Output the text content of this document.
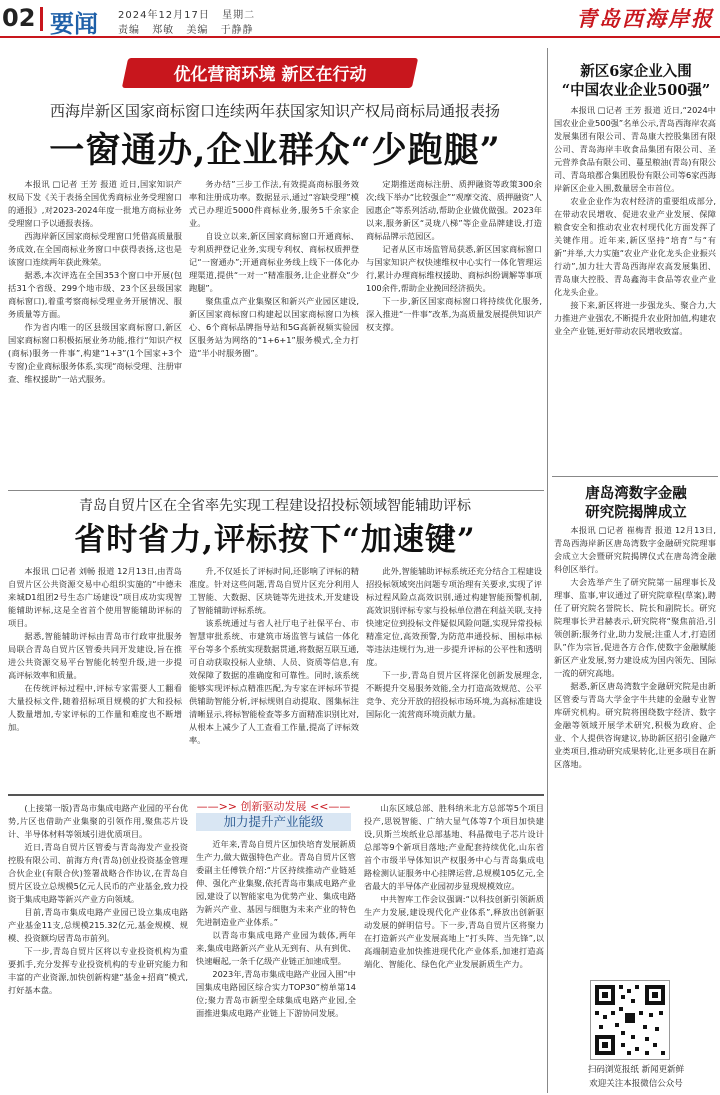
02 要闻 2024年12月17日 星期二
责编 郑敏 美编 于静静	青岛西海岸报
优化营商环境 新区在行动
西海岸新区国家商标窗口连续两年获国家知识产权局商标局通报表扬
一窗通办,企业群众“少跑腿”

本报讯 □记者 王芳 报道 近日,国家知识产权局下发《关于表扬全国优秀商标业务受理窗口的通报》,对2023-2024年度一批地方商标业务受理窗口予以通报表扬。

西海岸新区国家商标受理窗口凭借高质量服务成效,在全国商标业务窗口中获得表扬,这也是该窗口连续两年获此殊荣。

据悉,本次评选在全国353个窗口中开展(包括31个省级、299个地市级、23个区县级国家商标窗口),着重考察商标受理业务开展情况、服务质量等方面。

作为省内唯一的区县级国家商标窗口,新区国家商标窗口积极拓展业务功能,推行“知识产权(商标)服务一件事”,构建“1+3”(1个国家+3个专窗)企业商标服务体系,实现“商标受理、注册审查、维权援助”一站式服务。

务办结”三步工作法,有效提高商标服务效率和注册成功率。数据显示,通过“容缺受理”模式已办理近5000件商标业务,服务5千余家企业。

自设立以来,新区国家商标窗口开通商标、专利质押登记业务,实现专利权、商标权质押登记“一窗通办”;开通商标业务线上线下一体化办理渠道,提供“一对一”精准服务,让企业群众“少跑腿”。

聚焦重点产业集聚区和新兴产业园区建设,新区国家商标窗口构建起以国家商标窗口为核心、6个商标品牌指导站和5G高新视频实验园区服务站为网络的“1+6+1”服务模式,全力打造“半小时服务圈”。

定期推送商标注册、质押融资等政策300余次;线下举办“比较强企”“观摩交流、质押融资”人园惠企”等系列活动,帮助企业做优做强。2023年以来,服务新区“灵珑八梯”等企业品牌建设,打造商标品牌示范园区。

记者从区市场监管局获悉,新区国家商标窗口与国家知识产权快速维权中心实行一体化管理运行,累计办理商标维权援助、商标纠纷调解等事项100余件,帮助企业挽回经济损失。

下一步,新区国家商标窗口将持续优化服务,深入推进“一件事”改革,为高质量发展提供知识产权支撑。

青岛自贸片区在全省率先实现工程建设招投标领域智能辅助评标
省时省力,评标按下“加速键”

本报讯 □记者 刘畅 报道 12月13日,由青岛自贸片区公共资源交易中心组织实施的“中德未来城D1组团2号生态广场建设”项目成功实现智能辅助评标,这是全省首个使用智能辅助评标的项目。

据悉,智能辅助评标由青岛市行政审批服务局联合青岛自贸片区管委共同开发建设,旨在推进公共资源交易平台智能化转型升级,进一步提高评标效率和质量。

在传统评标过程中,评标专家需要人工翻看大量投标文件,随着招标项目规模的扩大和投标人数量增加,专家评标的工作量和难度也不断增加。

升,不仅延长了评标时间,还影响了评标的精准度。针对这些问题,青岛自贸片区充分利用人工智能、大数据、区块链等先进技术,开发建设了智能辅助评标系统。

该系统通过与省人社厅电子社保平台、市智慧审批系统、市建筑市场监管与诚信一体化平台等多个系统实现数据贯通,将数据互联互通,可自动获取投标人业绩、人员、资质等信息,有效保障了数据的准确度和可靠性。同时,该系统能够实现评标点精准匹配,为专家在评标环节提供辅助智能分析,评标规则自动提取、图集标注清晰显示,将标智能检查等多方面精准识别比对,从根本上减少了人工查看工作量,提高了评标效率。

此外,智能辅助评标系统还充分结合工程建设招投标领域突出问题专项治理有关要求,实现了评标过程风险点高效识别,通过构建智能预警机制,高效识别评标专家与投标单位潜在利益关联,支持快速定位到投标文件疑似风险问题,实现异常投标精准定位,高效预警,为防范串通投标、围标串标等违法违规行为,进一步提升评标的公平性和透明度。

下一步,青岛自贸片区将深化创新发展理念,不断提升交易服务效能,全力打造高效规范、公平竞争、充分开放的招投标市场环境,为高标准建设国际化一流营商环境贡献力量。

(上接第一版)青岛市集成电路产业园的平台优势,片区也借助产业集聚的引领作用,聚焦芯片设计、半导体材料等领域引进优质项目。

近日,青岛自贸片区管委与青岛海发产业投资控股有限公司、前海方舟(青岛)创业投资基金管理合伙企业(有限合伙)签署战略合作协议,在青岛自贸片区设立总规模5亿元人民币的产业基金,致力投资于集成电路等新兴产业方向领域。

目前,青岛市集成电路产业园已设立集成电路产业基金11支,总规模215.32亿元,基金规模、规模、投资额均居青岛市前列。

下一步,青岛自贸片区将以专业投资机构为重要抓手,充分发挥专业投资机构的专业研究能力和丰富的产业资源,加快创新构建“基金+招商”模式,打好基本盘。

——>> 创新驱动发展 <<——
加力提升产业能级

近年来,青岛自贸片区加快培育发展新质生产力,做大做强特色产业。青岛自贸片区管委副主任傅铁介绍:“片区持续推动产业链延伸、强化产业集聚,依托青岛市集成电路产业园,建设了以智能家电为优势产业、集成电路为新兴产业、基因与细胞为未来产业的特色先进制造业产业体系。”

以青岛市集成电路产业园为载体,两年来,集成电路新兴产业从无到有、从有到优、快速崛起,一条千亿级产业链正加速成型。

2023年,青岛市集成电路产业园入围“中国集成电路园区综合实力TOP30”榜单第14位;聚力青岛市新型全球集成电路产业园,全面推进集成电路产业链上下游协同发展。

山东区域总部、胜科纳米北方总部等5个项目投产,思锐智能、广纳大显气体等7个项目加快建设,贝斯兰埃纸业总部基地、科晶微电子芯片设计总部等9个新项目落地;产业配套持续优化,山东省首个市级半导体知识产权服务中心与青岛集成电路检测认证服务中心挂牌运营,总规模105亿元,全省最大的半导体产业园初步显现规模效应。

中共智库工作会议强调:“以科技创新引领新质生产力发展,建设现代化产业体系”,释放出创新驱动发展的鲜明信号。下一步,青岛自贸片区将聚力在打造新兴产业发展高地上“打头阵、当先锋”,以高端制造业加快推进现代化产业体系,加速打造高端化、智能化、绿色化产业发展新质生产力。

新区6家企业入围
“中国农业企业500强”

本报讯 □记者 王芳 报道 近日,“2024中国农业企业500强”名单公示,青岛西海岸农高发展集团有限公司、青岛康大控股集团有限公司、青岛海岸丰收食品集团有限公司、圣元营养食品有限公司、蔓星粮油(青岛)有限公司、青岛琅郡合集团股份有限公司等6家西海岸新区企业入围,数量居全市首位。

农业企业作为农村经济的重要组成部分,在带动农民增收、促进农业产业发展、保障粮食安全和推动农业农村现代化方面发挥了关键作用。近年来,新区坚持“培育”与“有新”并举,大力实施“农业产业化龙头企业振兴行动”,加力壮大青岛西海岸农高发展集团、青岛康大控股、青岛鑫海丰食品等农业产业化龙头企业。

接下来,新区将进一步强龙头、聚合力,大力推进产业强农,不断提升农业附加值,构建农业全产业链,更好带动农民增收致富。

唐岛湾数字金融
研究院揭牌成立

本报讯 □记者 崔梅青 报道 12月13日,青岛西海岸新区唐岛湾数字金融研究院理事会成立大会暨研究院揭牌仪式在唐岛湾金融科创区举行。

大会选举产生了研究院第一届理事长及理事、监事,审议通过了研究院章程(草案),聘任了研究院名誉院长、院长和副院长。研究院理事长尹君赫表示,研究院将“聚焦前沿,引领创新;服务行业,助力发展;注重人才,打造团队”作为宗旨,促进各方合作,使数字金融赋能新区产业发展,努力建设成为国内领先、国际一流的研究高地。

据悉,新区唐岛湾数字金融研究院是由新区管委与青岛大学金字牛共建的金融专业智库研究机构。研究院将围绕数字经济、数字金融等领域开展学术研究,积极为政府、企业、个人提供咨询建议,协助新区招引金融产业类项目,推动研究成果转化,让更多项目在新区落地。

扫码浏览报纸 新闻更新鲜
欢迎关注本报微信公众号
